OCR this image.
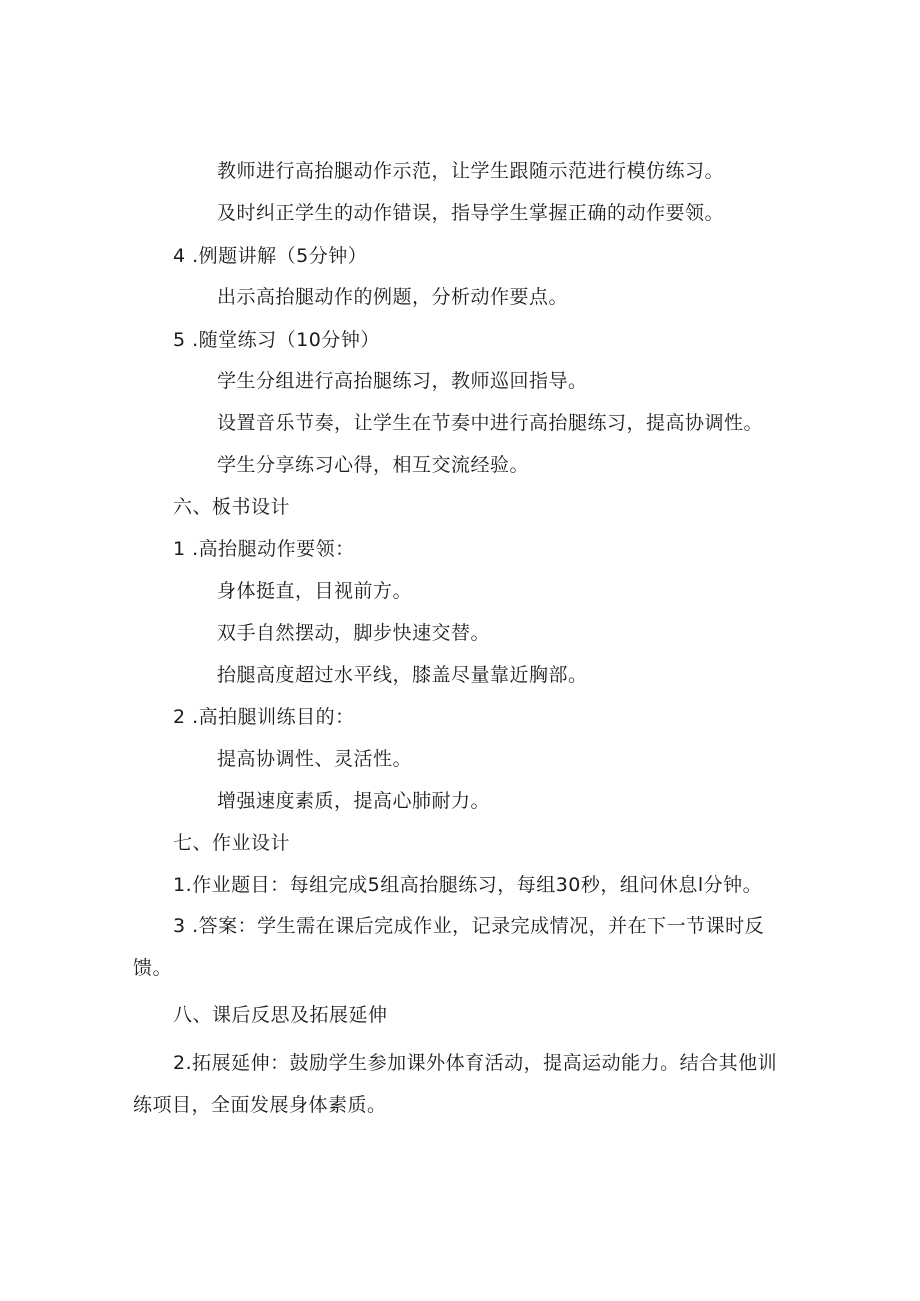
教师进行高抬腿动作示范，让学生跟随示范进行模仿练习。
及时纠正学生的动作错误，指导学生掌握正确的动作要领。
4 .例题讲解（5分钟）
出示高抬腿动作的例题，分析动作要点。
5 .随堂练习（10分钟）
学生分组进行高抬腿练习，教师巡回指导。
设置音乐节奏，让学生在节奏中进行高抬腿练习，提高协调性。
学生分享练习心得，相互交流经验。
六、板书设计
1 .高抬腿动作要领：
身体挺直，目视前方。
双手自然摆动，脚步快速交替。
抬腿高度超过水平线，膝盖尽量靠近胸部。
2 .高拍腿训练目的：
提高协调性、灵活性。
增强速度素质，提高心肺耐力。
七、作业设计
1.作业题目：每组完成5组高抬腿练习，每组30秒，组问休息l分钟。
3 .答案：学生需在课后完成作业，记录完成情况，并在下一节课时反
馈。
八、课后反思及拓展延伸
2.拓展延伸：鼓励学生参加课外体育活动，提高运动能力。结合其他训
练项目，全面发展身体素质。
